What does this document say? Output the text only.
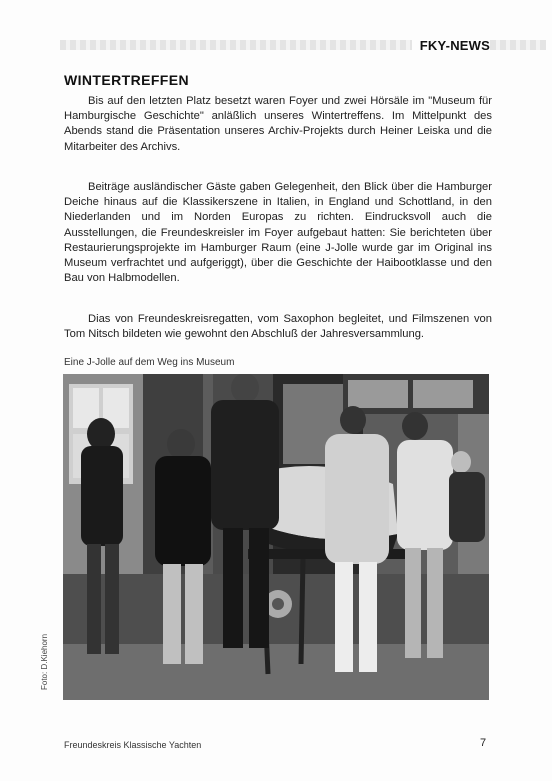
FKY-NEWS
WINTERTREFFEN

Bis auf den letzten Platz besetzt waren Foyer und zwei Hörsäle im "Museum für Hamburgische Geschichte" anläßlich unseres Wintertreffens. Im Mittelpunkt des Abends stand die Präsentation unseres Archiv-Projekts durch Heiner Leiska und die Mitarbeiter des Archivs.

Beiträge ausländischer Gäste gaben Gelegenheit, den Blick über die Hamburger Deiche hinaus auf die Klassikerszene in Italien, in England und Schottland, in den Niederlanden und im Norden Europas zu richten. Eindrucksvoll auch die Ausstellungen, die Freundeskreisler im Foyer aufgebaut hatten: Sie berichteten über Restaurierungsprojekte im Hamburger Raum (eine J-Jolle wurde gar im Original ins Museum verfrachtet und aufgeriggt), über die Geschichte der Haibootklasse und den Bau von Halbmodellen.

Dias von Freundeskreisregatten, vom Saxophon begleitet, und Filmszenen von Tom Nitsch bildeten wie gewohnt den Abschluß der Jahresversammlung.

Eine J-Jolle auf dem Weg ins Museum
Foto: D.Kiehorn
Freundeskreis Klassische Yachten	7
